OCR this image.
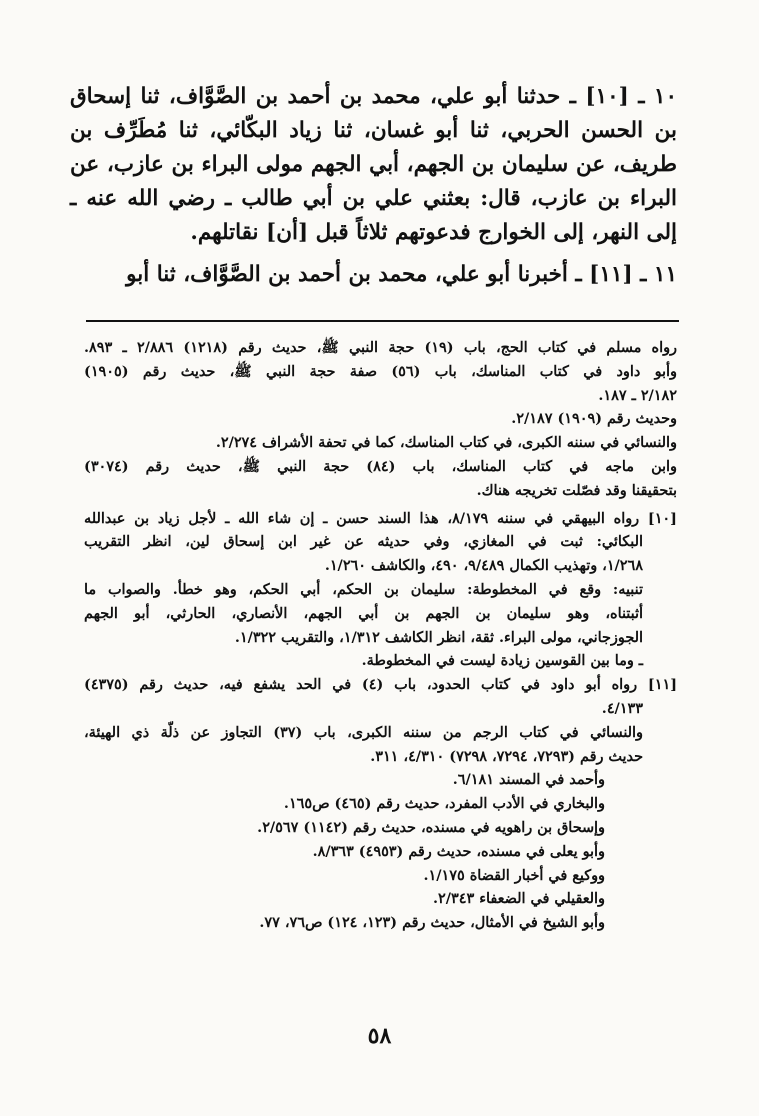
١٠ ـ [١٠] ـ حدثنا أبو علي، محمد بن أحمد بن الصَّوَّاف، ثنا إسحاق بن الحسن الحربي، ثنا أبو غسان، ثنا زياد البكّائي، ثنا مُطَرِّف بن طريف، عن سليمان بن الجهم، أبي الجهم مولى البراء بن عازب، عن البراء بن عازب، قال: بعثني علي بن أبي طالب ـ رضي الله عنه ـ إلى النهر، إلى الخوارج فدعوتهم ثلاثاً قبل [أن] نقاتلهم.

١١ ـ [١١] ـ أخبرنا أبو علي، محمد بن أحمد بن الصَّوَّاف، ثنا أبو

رواه مسلم في كتاب الحج، باب (١٩) حجة النبي ﷺ، حديث رقم (١٢١٨) ٢/٨٨٦ ـ ٨٩٣.
وأبو داود في كتاب المناسك، باب (٥٦) صفة حجة النبي ﷺ، حديث رقم (١٩٠٥)
٢/١٨٢ ـ ١٨٧.
وحديث رقم (١٩٠٩) ٢/١٨٧.
والنسائي في سننه الكبرى، في كتاب المناسك، كما في تحفة الأشراف ٢/٢٧٤.
وابن ماجه في كتاب المناسك، باب (٨٤) حجة النبي ﷺ، حديث رقم (٣٠٧٤)
بتحقيقنا وقد فصّلت تخريجه هناك.
[١٠] رواه البيهقي في سننه ٨/١٧٩، هذا السند حسن ـ إن شاء الله ـ لأجل زياد بن عبدالله
البكائي: ثبت في المغازي، وفي حديثه عن غير ابن إسحاق لين، انظر التقريب
١/٢٦٨، وتهذيب الكمال ٩/٤٨٩، ٤٩٠، والكاشف ١/٢٦٠.
تنبيه: وقع في المخطوطة: سليمان بن الحكم، أبي الحكم، وهو خطأ. والصواب ما
أثبتناه، وهو سليمان بن الجهم بن أبي الجهم، الأنصاري، الحارثي، أبو الجهم
الجوزجاني، مولى البراء. ثقة، انظر الكاشف ١/٣١٢، والتقريب ١/٣٢٢.
ـ وما بين القوسين زيادة ليست في المخطوطة.
[١١] رواه أبو داود في كتاب الحدود، باب (٤) في الحد يشفع فيه، حديث رقم (٤٣٧٥)
٤/١٣٣.
والنسائي في كتاب الرجم من سننه الكبرى، باب (٣٧) التجاوز عن ذلّة ذي الهيئة،
حديث رقم (٧٢٩٣، ٧٢٩٤، ٧٢٩٨) ٤/٣١٠، ٣١١.
وأحمد في المسند ٦/١٨١.
والبخاري في الأدب المفرد، حديث رقم (٤٦٥) ص١٦٥.
وإسحاق بن راهويه في مسنده، حديث رقم (١١٤٢) ٢/٥٦٧.
وأبو يعلى في مسنده، حديث رقم (٤٩٥٣) ٨/٣٦٣.
ووكيع في أخبار القضاة ١/١٧٥.
والعقيلي في الضعفاء ٢/٣٤٣.
وأبو الشيخ في الأمثال، حديث رقم (١٢٣، ١٢٤) ص٧٦، ٧٧.
٥٨
